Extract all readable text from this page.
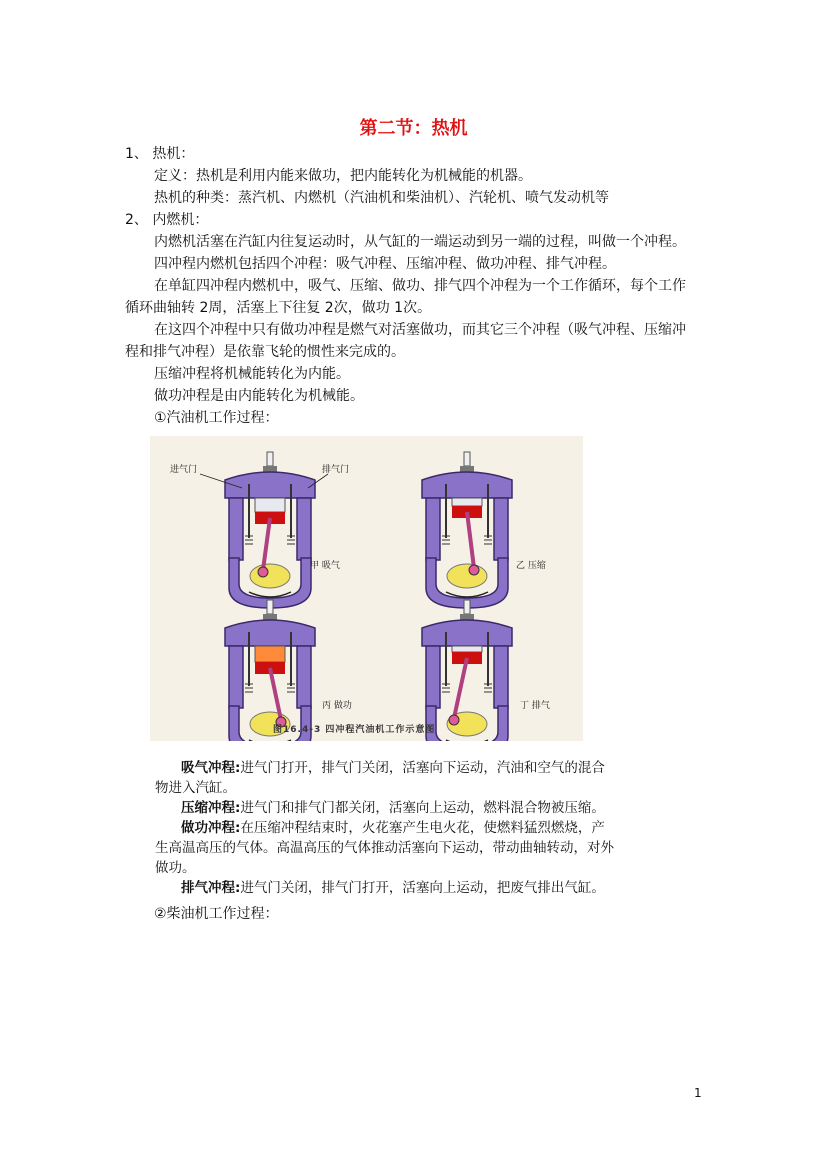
第二节：热机
1、 热机：
定义：热机是利用内能来做功，把内能转化为机械能的机器。
热机的种类：蒸汽机、内燃机（汽油机和柴油机）、汽轮机、喷气发动机等
2、 内燃机：
内燃机活塞在汽缸内往复运动时，从气缸的一端运动到另一端的过程，叫做一个冲程。
四冲程内燃机包括四个冲程：吸气冲程、压缩冲程、做功冲程、排气冲程。
在单缸四冲程内燃机中，吸气、压缩、做功、排气四个冲程为一个工作循环，每个工作
循环曲轴转 2周，活塞上下往复 2次，做功 1次。
在这四个冲程中只有做功冲程是燃气对活塞做功，而其它三个冲程（吸气冲程、压缩冲
程和排气冲程）是依靠飞轮的惯性来完成的。
压缩冲程将机械能转化为内能。
做功冲程是由内能转化为机械能。
①汽油机工作过程：
进气门	排气门
甲 吸气	乙 压缩
丙 做功	丁 排气
图16.4-3 四冲程汽油机工作示意图
吸气冲程:进气门打开，排气门关闭，活塞向下运动，汽油和空气的混合
物进入汽缸。
压缩冲程:进气门和排气门都关闭，活塞向上运动，燃料混合物被压缩。
做功冲程:在压缩冲程结束时，火花塞产生电火花，使燃料猛烈燃烧，产
生高温高压的气体。高温高压的气体推动活塞向下运动，带动曲轴转动，对外
做功。
排气冲程:进气门关闭，排气门打开，活塞向上运动，把废气排出气缸。
②柴油机工作过程：
1
